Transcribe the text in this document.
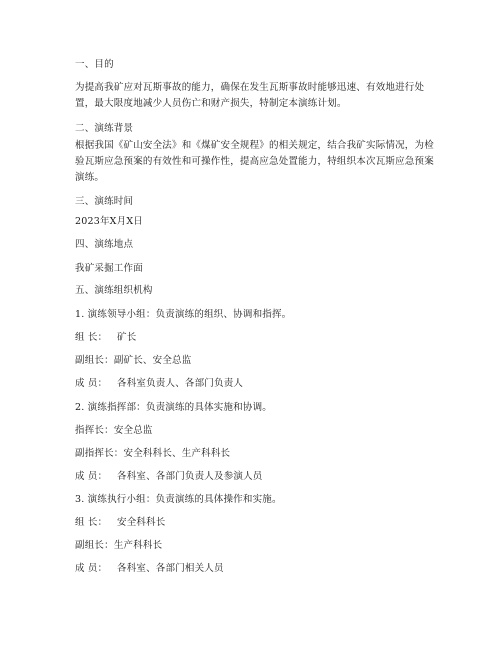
一、目的
为提高我矿应对瓦斯事故的能力，确保在发生瓦斯事故时能够迅速、有效地进行处置，最大限度地减少人员伤亡和财产损失，特制定本演练计划。
二、演练背景
根据我国《矿山安全法》和《煤矿安全规程》的相关规定，结合我矿实际情况，为检验瓦斯应急预案的有效性和可操作性，提高应急处置能力，特组织本次瓦斯应急预案演练。
三、演练时间
2023年X月X日
四、演练地点
我矿采掘工作面
五、演练组织机构
1. 演练领导小组：负责演练的组织、协调和指挥。
组 长： 矿长
副组长：副矿长、安全总监
成 员： 各科室负责人、各部门负责人
2. 演练指挥部：负责演练的具体实施和协调。
指挥长：安全总监
副指挥长：安全科科长、生产科科长
成 员： 各科室、各部门负责人及参演人员
3. 演练执行小组：负责演练的具体操作和实施。
组 长： 安全科科长
副组长：生产科科长
成 员： 各科室、各部门相关人员
